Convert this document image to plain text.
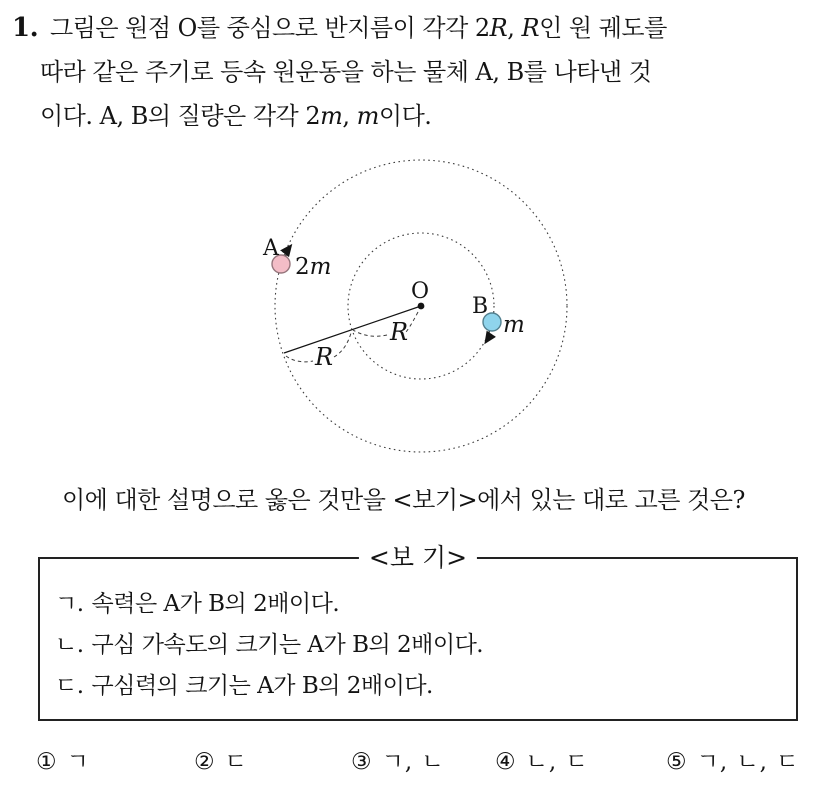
1. 그림은 원점 O를 중심으로 반지름이 각각 2R, R인 원 궤도를
따라 같은 주기로 등속 원운동을 하는 물체 A, B를 나타낸 것
이다. A, B의 질량은 각각 2m, m이다.
O
R
R
A
2m
B
m
이에 대한 설명으로 옳은 것만을 <보기>에서 있는 대로 고른 것은?
<보 기>
ㄱ. 속력은 A가 B의 2배이다.
ㄴ. 구심 가속도의 크기는 A가 B의 2배이다.
ㄷ. 구심력의 크기는 A가 B의 2배이다.
① ㄱ	② ㄷ	③ ㄱ, ㄴ ④ ㄴ, ㄷ	⑤ ㄱ, ㄴ, ㄷ
